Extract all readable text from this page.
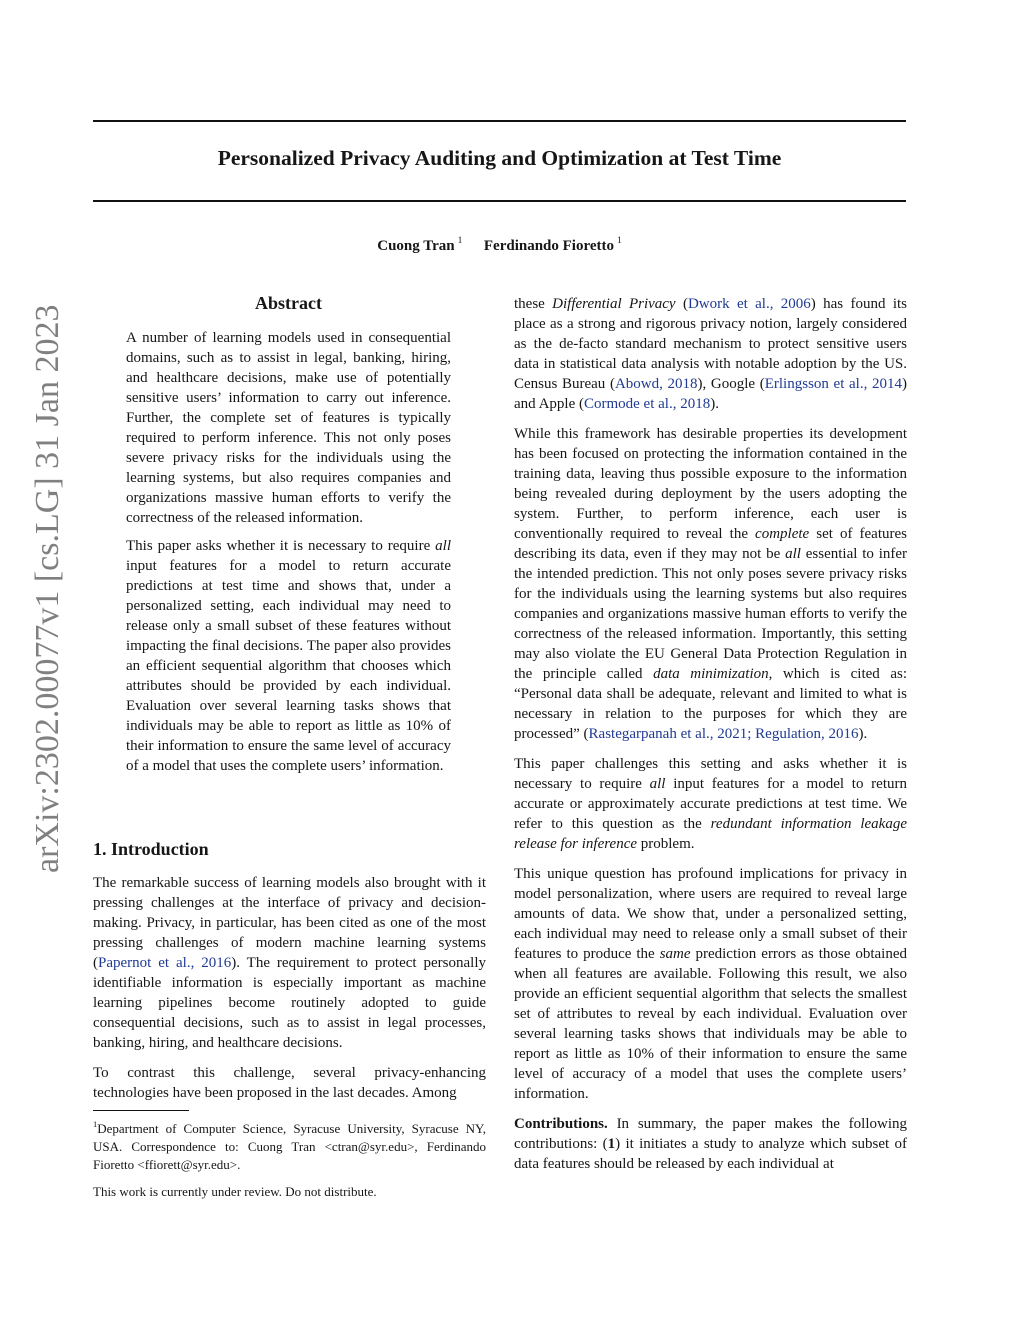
Personalized Privacy Auditing and Optimization at Test Time
Cuong Tran $^1$ Ferdinando Fioretto $^1$
arXiv:2302.00077v1 [cs.LG] 31 Jan 2023
Abstract

A number of learning models used in consequential domains, such as to assist in legal, banking, hiring, and healthcare decisions, make use of potentially sensitive users’ information to carry out inference. Further, the complete set of features is typically required to perform inference. This not only poses severe privacy risks for the individuals using the learning systems, but also requires companies and organizations massive human efforts to verify the correctness of the released information.

This paper asks whether it is necessary to require all input features for a model to return accurate predictions at test time and shows that, under a personalized setting, each individual may need to release only a small subset of these features without impacting the final decisions. The paper also provides an efficient sequential algorithm that chooses which attributes should be provided by each individual. Evaluation over several learning tasks shows that individuals may be able to report as little as 10% of their information to ensure the same level of accuracy of a model that uses the complete users’ information.

1. Introduction

The remarkable success of learning models also brought with it pressing challenges at the interface of privacy and decision-making. Privacy, in particular, has been cited as one of the most pressing challenges of modern machine learning systems (Papernot et al., 2016). The requirement to protect personally identifiable information is especially important as machine learning pipelines become routinely adopted to guide consequential decisions, such as to assist in legal processes, banking, hiring, and healthcare decisions.

To contrast this challenge, several privacy-enhancing technologies have been proposed in the last decades. Among

$^1$Department of Computer Science, Syracuse University, Syracuse NY, USA. Correspondence to: Cuong Tran <ctran@syr.edu>, Ferdinando Fioretto <ffiorett@syr.edu>.

This work is currently under review. Do not distribute.

these Differential Privacy (Dwork et al., 2006) has found its place as a strong and rigorous privacy notion, largely considered as the de-facto standard mechanism to protect sensitive users data in statistical data analysis with notable adoption by the US. Census Bureau (Abowd, 2018), Google (Erlingsson et al., 2014) and Apple (Cormode et al., 2018).

While this framework has desirable properties its development has been focused on protecting the information contained in the training data, leaving thus possible exposure to the information being revealed during deployment by the users adopting the system. Further, to perform inference, each user is conventionally required to reveal the complete set of features describing its data, even if they may not be all essential to infer the intended prediction. This not only poses severe privacy risks for the individuals using the learning systems but also requires companies and organizations massive human efforts to verify the correctness of the released information. Importantly, this setting may also violate the EU General Data Protection Regulation in the principle called data minimization, which is cited as: “Personal data shall be adequate, relevant and limited to what is necessary in relation to the purposes for which they are processed” (Rastegarpanah et al., 2021; Regulation, 2016).

This paper challenges this setting and asks whether it is necessary to require all input features for a model to return accurate or approximately accurate predictions at test time. We refer to this question as the redundant information leakage release for inference problem.

This unique question has profound implications for privacy in model personalization, where users are required to reveal large amounts of data. We show that, under a personalized setting, each individual may need to release only a small subset of their features to produce the same prediction errors as those obtained when all features are available. Following this result, we also provide an efficient sequential algorithm that selects the smallest set of attributes to reveal by each individual. Evaluation over several learning tasks shows that individuals may be able to report as little as 10% of their information to ensure the same level of accuracy of a model that uses the complete users’ information.

Contributions. In summary, the paper makes the following contributions: (1) it initiates a study to analyze which subset of data features should be released by each individual at
